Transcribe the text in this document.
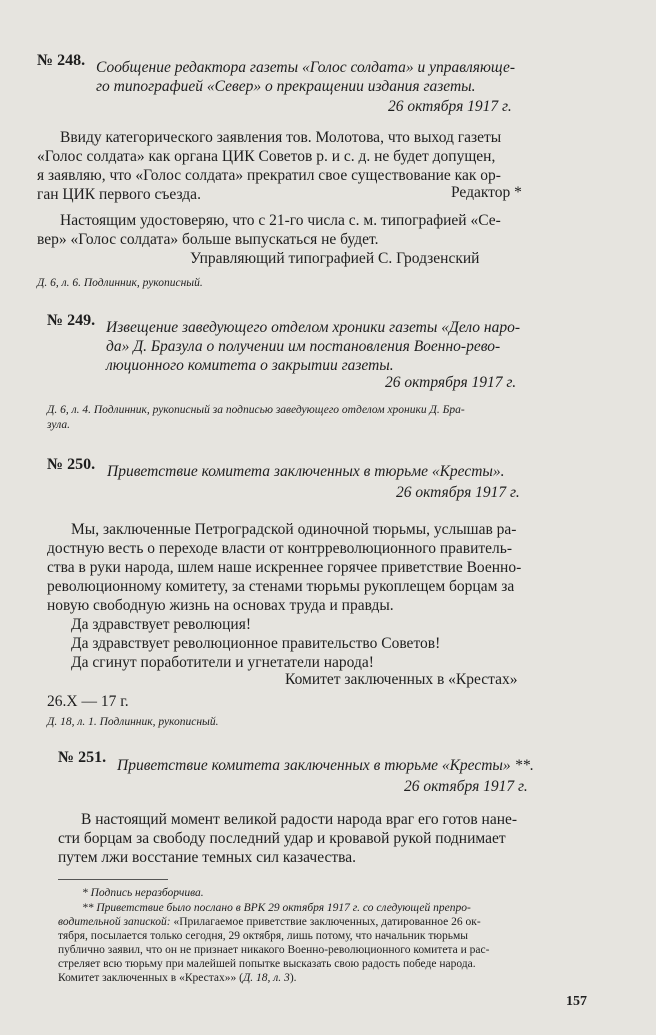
№ 248. Сообщение редактора газеты «Голос солдата» и управляюще-
го типографией «Север» о прекращении издания газеты.
26 октября 1917 г.
Ввиду категорического заявления тов. Молотова, что выход газеты
«Голос солдата» как органа ЦИК Советов р. и с. д. не будет допущен,
я заявляю, что «Голос солдата» прекратил свое существование как ор-
ган ЦИК первого съезда.	Редактор *
Настоящим удостоверяю, что с 21-го числа с. м. типографией «Се-
вер» «Голос солдата» больше выпускаться не будет.
Управляющий типографией С. Гродзенский
Д. 6, л. 6. Подлинник, рукописный.
№ 249. Извещение заведующего отделом хроники газеты «Дело наро-
да» Д. Бразула о получении им постановления Военно-рево-
люционного комитета о закрытии газеты.
26 октрября 1917 г.
Д. 6, л. 4. Подлинник, рукописный за подписью заведующего отделом хроники Д. Бра-
зула.
№ 250. Приветствие комитета заключенных в тюрьме «Кресты».
26 октября 1917 г.
Мы, заключенные Петроградской одиночной тюрьмы, услышав ра-
достную весть о переходе власти от контрреволюционного правитель-
ства в руки народа, шлем наше искреннее горячее приветствие Военно-
революционному комитету, за стенами тюрьмы рукоплещем борцам за
новую свободную жизнь на основах труда и правды.
Да здравствует революция!
Да здравствует революционное правительство Советов!
Да сгинут поработители и угнетатели народа!
Комитет заключенных в «Крестах»
26.X — 17 г.
Д. 18, л. 1. Подлинник, рукописный.
№ 251. Приветствие комитета заключенных в тюрьме «Кресты» **.
26 октября 1917 г.
В настоящий момент великой радости народа враг его готов нане-
сти борцам за свободу последний удар и кровавой рукой поднимает
путем лжи восстание темных сил казачества.
* Подпись неразборчива.
** Приветствие было послано в ВРК 29 октября 1917 г. со следующей препро-
водительной запиской: «Прилагаемое приветствие заключенных, датированное 26 ок-
тября, посылается только сегодня, 29 октября, лишь потому, что начальник тюрьмы
публично заявил, что он не признает никакого Военно-революционного комитета и рас-
стреляет всю тюрьму при малейшей попытке высказать свою радость победе народа.
Комитет заключенных в «Крестах»» (Д. 18, л. 3).
157
